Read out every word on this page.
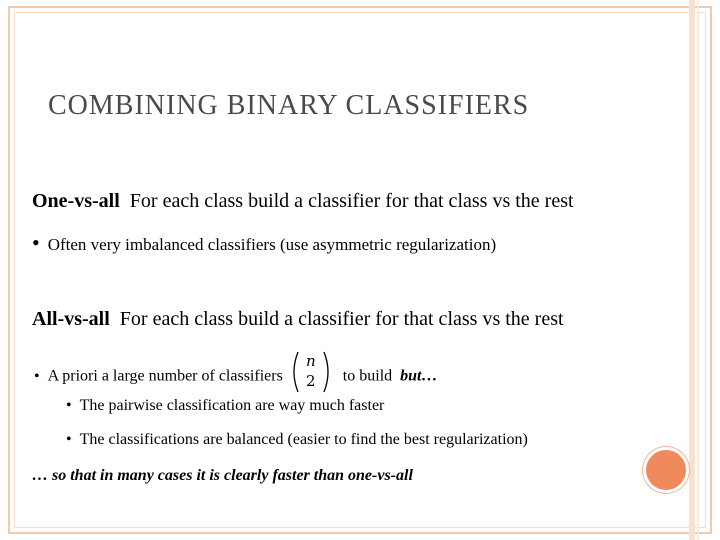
COMBINING BINARY CLASSIFIERS
One-vs-all For each class build a classifier for that class vs the rest
• Often very imbalanced classifiers (use asymmetric regularization)
All-vs-all For each class build a classifier for that class vs the rest
• A priori a large number of classifiers
n
2	to build but…
• The pairwise classification are way much faster
• The classifications are balanced (easier to find the best regularization)
… so that in many cases it is clearly faster than one-vs-all
